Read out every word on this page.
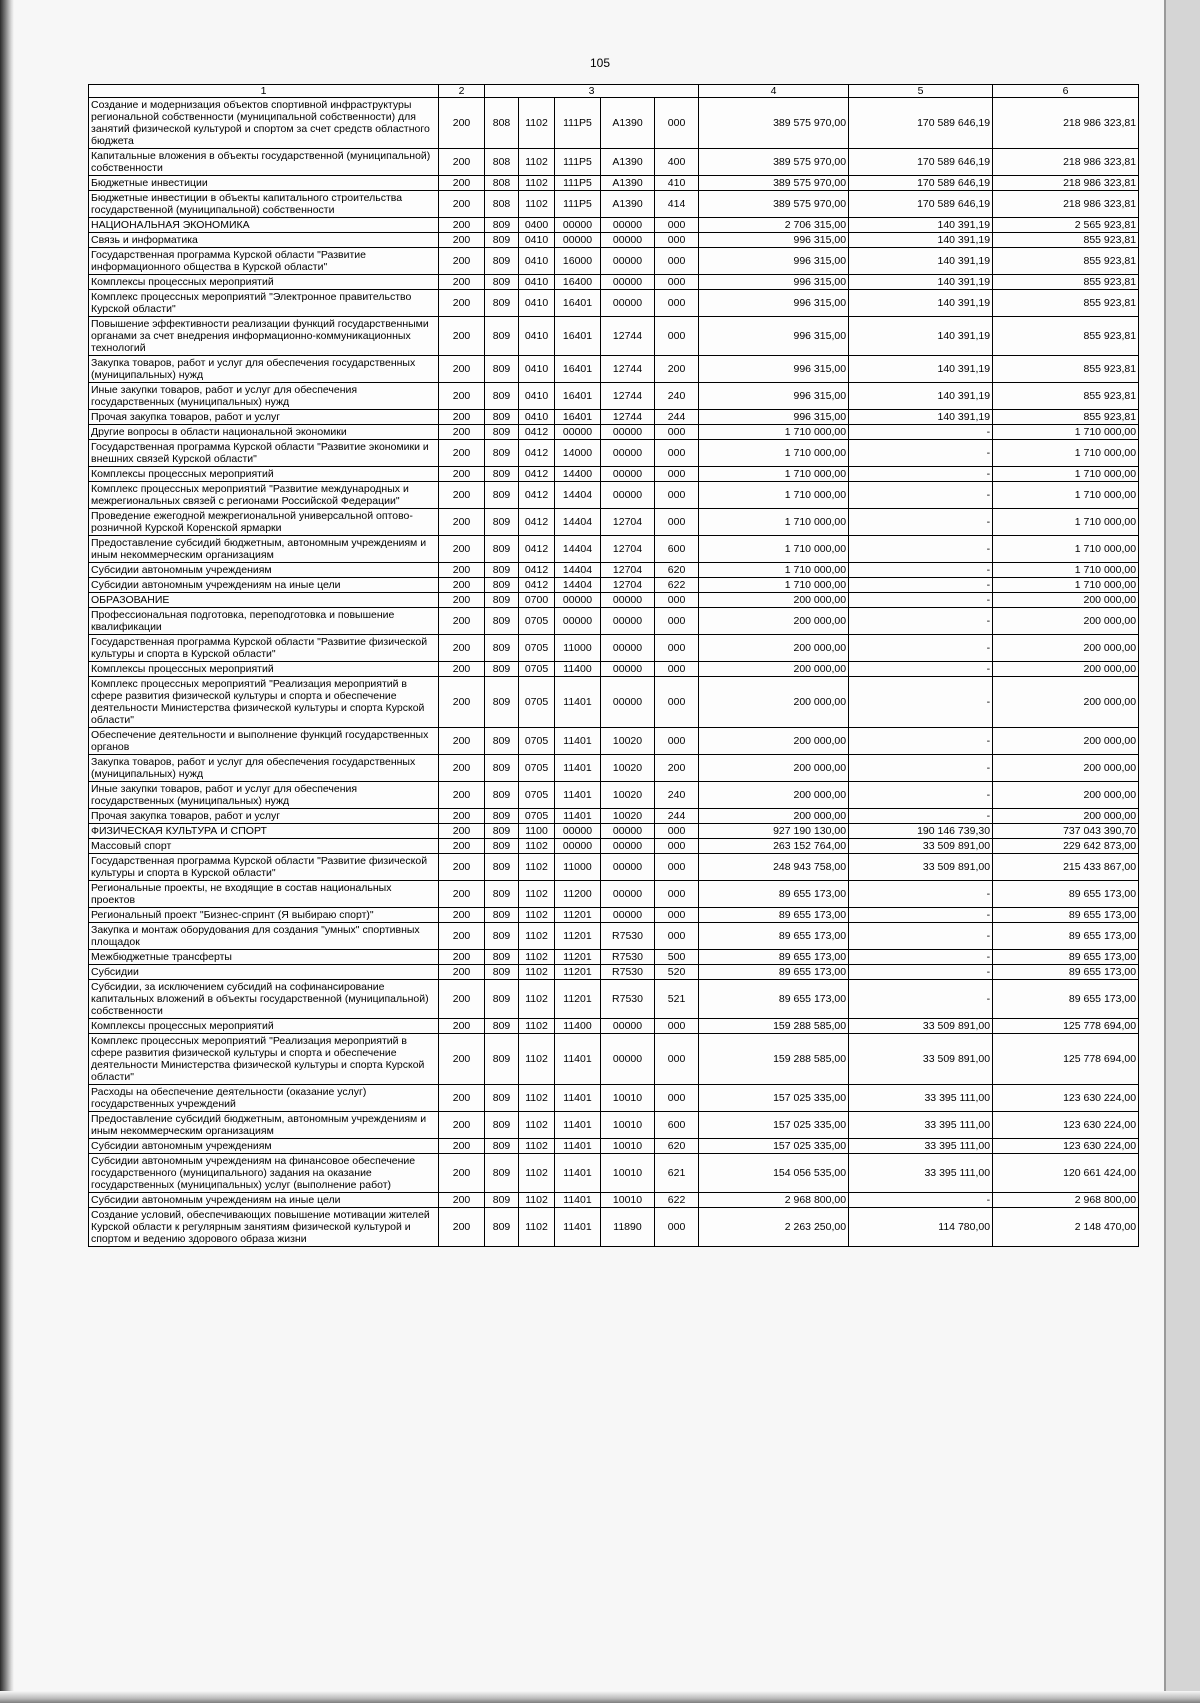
105
1	2	3					4	5	6
Создание и модернизация объектов спортивной инфраструктуры региональной собственности (муниципальной собственности) для занятий физической культурой и спортом за счет средств областного бюджета	200	808	1102	111P5	A1390	000	389 575 970,00	170 589 646,19	218 986 323,81
Капитальные вложения в объекты государственной (муниципальной) собственности	200	808	1102	111P5	A1390	400	389 575 970,00	170 589 646,19	218 986 323,81
Бюджетные инвестиции	200	808	1102	111P5	A1390	410	389 575 970,00	170 589 646,19	218 986 323,81
Бюджетные инвестиции в объекты капитального строительства государственной (муниципальной) собственности	200	808	1102	111P5	A1390	414	389 575 970,00	170 589 646,19	218 986 323,81
НАЦИОНАЛЬНАЯ ЭКОНОМИКА	200	809	0400	00000	00000	000	2 706 315,00	140 391,19	2 565 923,81
Связь и информатика	200	809	0410	00000	00000	000	996 315,00	140 391,19	855 923,81
Государственная программа Курской области "Развитие информационного общества в Курской области"	200	809	0410	16000	00000	000	996 315,00	140 391,19	855 923,81
Комплексы процессных мероприятий	200	809	0410	16400	00000	000	996 315,00	140 391,19	855 923,81
Комплекс процессных мероприятий "Электронное правительство Курской области"	200	809	0410	16401	00000	000	996 315,00	140 391,19	855 923,81
Повышение эффективности реализации функций государственными органами за счет внедрения информационно-коммуникационных технологий	200	809	0410	16401	12744	000	996 315,00	140 391,19	855 923,81
Закупка товаров, работ и услуг для обеспечения государственных (муниципальных) нужд	200	809	0410	16401	12744	200	996 315,00	140 391,19	855 923,81
Иные закупки товаров, работ и услуг для обеспечения государственных (муниципальных) нужд	200	809	0410	16401	12744	240	996 315,00	140 391,19	855 923,81
Прочая закупка товаров, работ и услуг	200	809	0410	16401	12744	244	996 315,00	140 391,19	855 923,81
Другие вопросы в области национальной экономики	200	809	0412	00000	00000	000	1 710 000,00	-	1 710 000,00
Государственная программа Курской области "Развитие экономики и внешних связей Курской области"	200	809	0412	14000	00000	000	1 710 000,00	-	1 710 000,00
Комплексы процессных мероприятий	200	809	0412	14400	00000	000	1 710 000,00	-	1 710 000,00
Комплекс процессных мероприятий "Развитие международных и межрегиональных связей с регионами Российской Федерации"	200	809	0412	14404	00000	000	1 710 000,00	-	1 710 000,00
Проведение ежегодной межрегиональной универсальной оптово-розничной Курской Коренской ярмарки	200	809	0412	14404	12704	000	1 710 000,00	-	1 710 000,00
Предоставление субсидий бюджетным, автономным учреждениям и иным некоммерческим организациям	200	809	0412	14404	12704	600	1 710 000,00	-	1 710 000,00
Субсидии автономным учреждениям	200	809	0412	14404	12704	620	1 710 000,00	-	1 710 000,00
Субсидии автономным учреждениям на иные цели	200	809	0412	14404	12704	622	1 710 000,00	-	1 710 000,00
ОБРАЗОВАНИЕ	200	809	0700	00000	00000	000	200 000,00	-	200 000,00
Профессиональная подготовка, переподготовка и повышение квалификации	200	809	0705	00000	00000	000	200 000,00	-	200 000,00
Государственная программа Курской области "Развитие физической культуры и спорта в Курской области"	200	809	0705	11000	00000	000	200 000,00	-	200 000,00
Комплексы процессных мероприятий	200	809	0705	11400	00000	000	200 000,00	-	200 000,00
Комплекс процессных мероприятий "Реализация мероприятий в сфере развития физической культуры и спорта и обеспечение деятельности Министерства физической культуры и спорта Курской области"	200	809	0705	11401	00000	000	200 000,00	-	200 000,00
Обеспечение деятельности и выполнение функций государственных органов	200	809	0705	11401	10020	000	200 000,00	-	200 000,00
Закупка товаров, работ и услуг для обеспечения государственных (муниципальных) нужд	200	809	0705	11401	10020	200	200 000,00	-	200 000,00
Иные закупки товаров, работ и услуг для обеспечения государственных (муниципальных) нужд	200	809	0705	11401	10020	240	200 000,00	-	200 000,00
Прочая закупка товаров, работ и услуг	200	809	0705	11401	10020	244	200 000,00	-	200 000,00
ФИЗИЧЕСКАЯ КУЛЬТУРА И СПОРТ	200	809	1100	00000	00000	000	927 190 130,00	190 146 739,30	737 043 390,70
Массовый спорт	200	809	1102	00000	00000	000	263 152 764,00	33 509 891,00	229 642 873,00
Государственная программа Курской области "Развитие физической культуры и спорта в Курской области"	200	809	1102	11000	00000	000	248 943 758,00	33 509 891,00	215 433 867,00
Региональные проекты, не входящие в состав национальных проектов	200	809	1102	11200	00000	000	89 655 173,00	-	89 655 173,00
Региональный проект "Бизнес-спринт (Я выбираю спорт)"	200	809	1102	11201	00000	000	89 655 173,00	-	89 655 173,00
Закупка и монтаж оборудования для создания "умных" спортивных площадок	200	809	1102	11201	R7530	000	89 655 173,00	-	89 655 173,00
Межбюджетные трансферты	200	809	1102	11201	R7530	500	89 655 173,00	-	89 655 173,00
Субсидии	200	809	1102	11201	R7530	520	89 655 173,00	-	89 655 173,00
Субсидии, за исключением субсидий на софинансирование капитальных вложений в объекты государственной (муниципальной) собственности	200	809	1102	11201	R7530	521	89 655 173,00	-	89 655 173,00
Комплексы процессных мероприятий	200	809	1102	11400	00000	000	159 288 585,00	33 509 891,00	125 778 694,00
Комплекс процессных мероприятий "Реализация мероприятий в сфере развития физической культуры и спорта и обеспечение деятельности Министерства физической культуры и спорта Курской области"	200	809	1102	11401	00000	000	159 288 585,00	33 509 891,00	125 778 694,00
Расходы на обеспечение деятельности (оказание услуг) государственных учреждений	200	809	1102	11401	10010	000	157 025 335,00	33 395 111,00	123 630 224,00
Предоставление субсидий бюджетным, автономным учреждениям и иным некоммерческим организациям	200	809	1102	11401	10010	600	157 025 335,00	33 395 111,00	123 630 224,00
Субсидии автономным учреждениям	200	809	1102	11401	10010	620	157 025 335,00	33 395 111,00	123 630 224,00
Субсидии автономным учреждениям на финансовое обеспечение государственного (муниципального) задания на оказание государственных (муниципальных) услуг (выполнение работ)	200	809	1102	11401	10010	621	154 056 535,00	33 395 111,00	120 661 424,00
Субсидии автономным учреждениям на иные цели	200	809	1102	11401	10010	622	2 968 800,00	-	2 968 800,00
Создание условий, обеспечивающих повышение мотивации жителей Курской области к регулярным занятиям физической культурой и спортом и ведению здорового образа жизни	200	809	1102	11401	11890	000	2 263 250,00	114 780,00	2 148 470,00
